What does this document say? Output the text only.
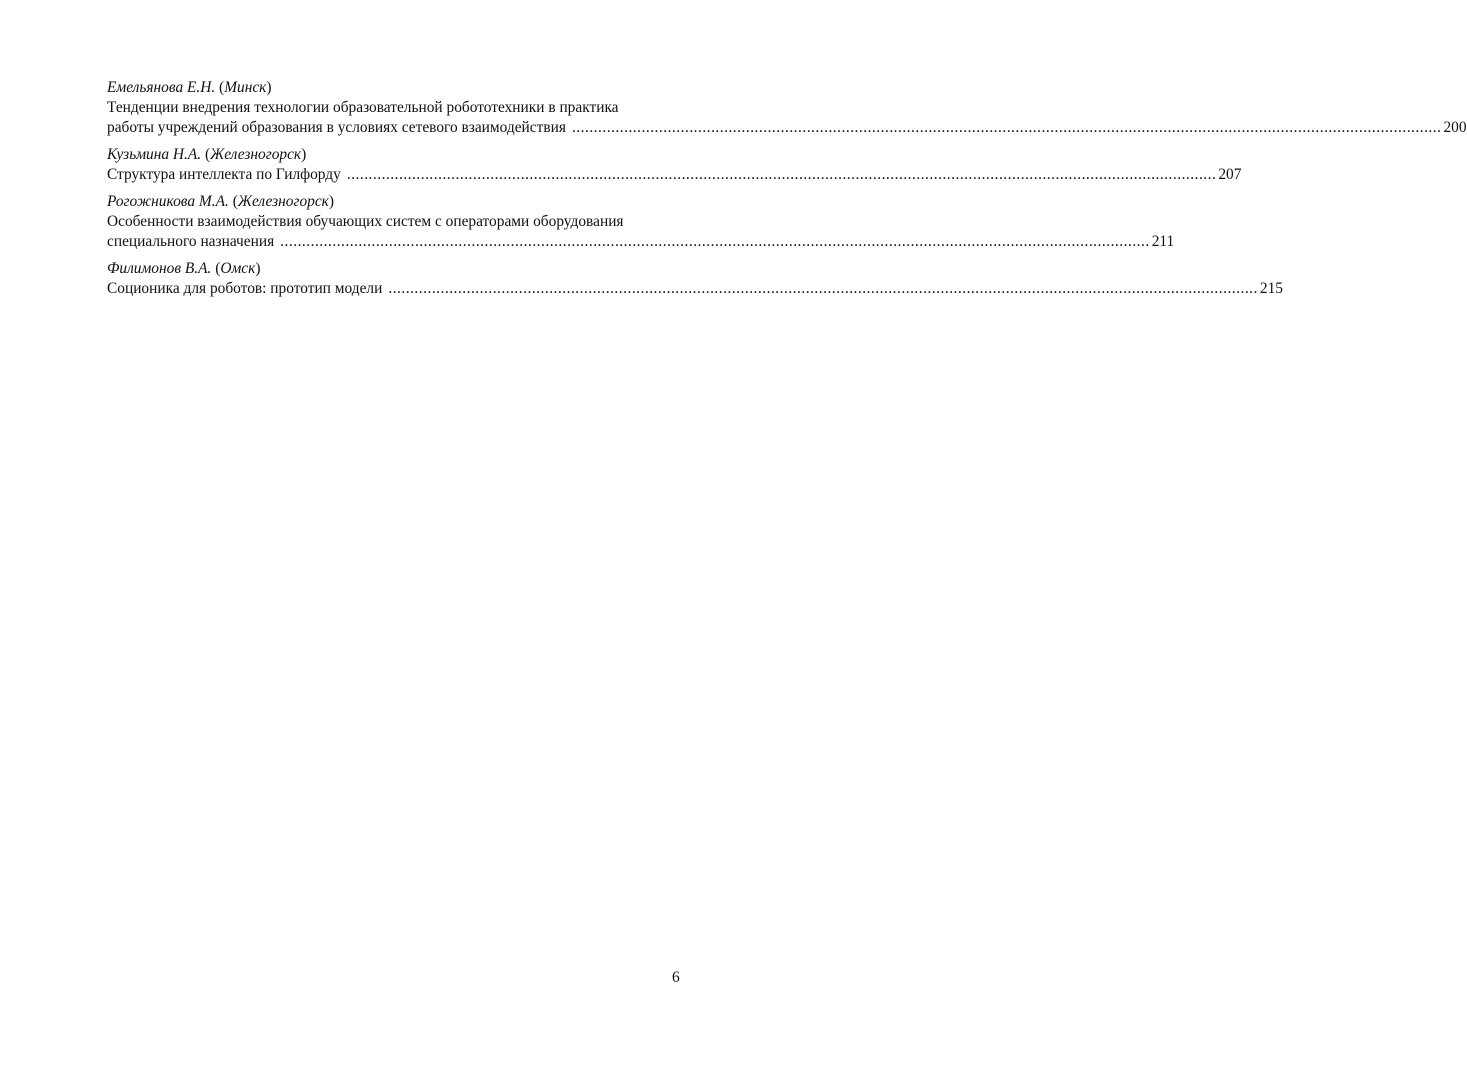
Емельянова Е.Н. (Минск)
Тенденции внедрения технологии образовательной робототехники в практика
работы учреждений образования в условиях сетевого взаимодействия ........................................................................................................................................................................................................ 200
Кузьмина Н.А. (Железногорск)
Структура интеллекта по Гилфорду ........................................................................................................................................................................................................ 207
Рогожникова М.А. (Железногорск)
Особенности взаимодействия обучающих систем с операторами оборудования
специального назначения ........................................................................................................................................................................................................ 211
Филимонов В.А. (Омск)
Соционика для роботов: прототип модели ........................................................................................................................................................................................................ 215
6
